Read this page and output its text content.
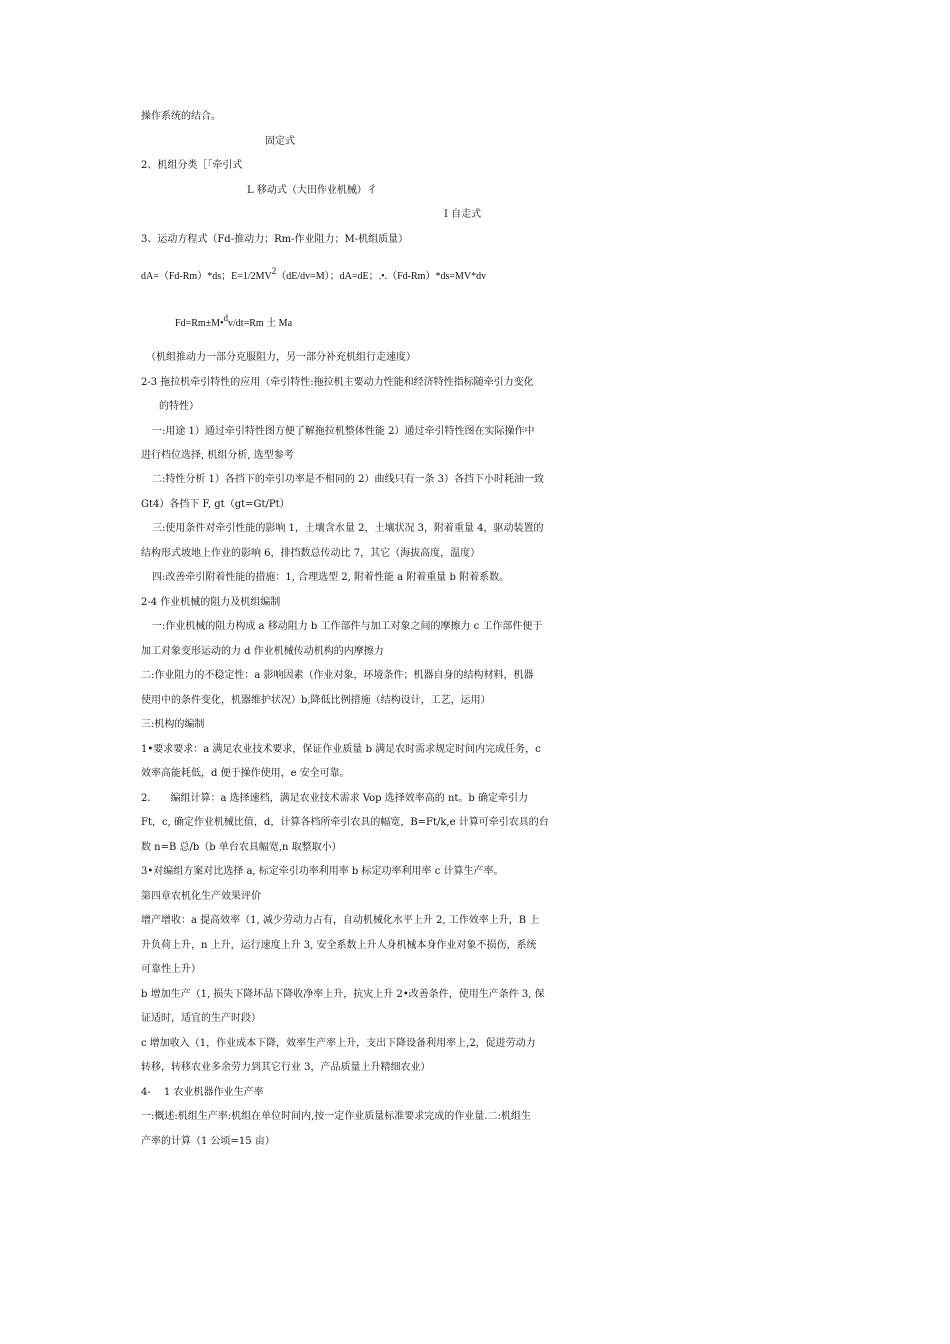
操作系统的结合。
固定式
2、机组分类［「牵引式
L 移动式（大田作业机械）彳
I 自走式
3、运动方程式（Fd-推动力；Rm-作业阻力；M-机组质量）
dA=（Fd-Rm）*ds；$E=1/2MV^2(dE/dv=M)$；dA=dE；.•.（Fd-Rm）*ds=MV*dv
Fd=Rm±M•$^d$v/dt=Rm 土 Ma
（机组推动力一部分克服阻力，另一部分补充机组行走速度）
2-3 拖拉机牵引特性的应用（牵引特性:拖拉机主要动力性能和经济特性指标随牵引力变化
的特性）
一:用途 1）通过牵引特性图方便了解拖拉机整体性能 2）通过牵引特性图在实际操作中
进行档位选择, 机组分析, 选型参考
二:特性分析 1）各挡下的牵引功率是不相同的 2）曲线只有一条 3）各挡下小时耗油一致
Gt4）各挡下 F, gt（gt=Gt/Pt）
三:使用条件对牵引性能的影响 1，土壤含水量 2，土壤状况 3，附着重量 4，驱动装置的
结构形式坡地上作业的影响 6，排挡数总传动比 7，其它（海拔高度，温度）
四:改善牵引附着性能的措施：1, 合理选型 2, 附着性能 a 附着重量 b 附着系数。
2-4 作业机械的阻力及机组编制
一:作业机械的阻力构成 a 移动阻力 b 工作部件与加工对象之间的摩擦力 c 工作部件便于
加工对象变形运动的力 d 作业机械传动机构的内摩擦力
二:作业阻力的不稳定性：a 影响因素（作业对象，环境条件；机器自身的结构材料，机器
使用中的条件变化，机器维护状况）b,降低比例措施（结构设计，工艺，运用）
三:机构的编制
1•要求要求：a 满足农业技术要求，保证作业质量 b 满足农时需求规定时间内完成任务，c
效率高能耗低，d 便于操作使用，e 安全可靠。
2.　　编组计算：a 选择速档，满足农业技术需求 Vop 选择效率高的 nt。b 确定牵引力
Ft，c, 确定作业机械比值，d，计算各档所牵引农具的幅宽，B=Ft/k,e 计算可牵引农具的台
数 n=B 总/b（b 单台农具幅宽,n 取整取小）
3•对编组方案对比选择 a, 标定牵引功率利用率 b 标定功率利用率 c 计算生产率。
第四章农机化生产效果评价
增产增收：a 提高效率（1, 减少劳动力占有，自动机械化水平上升 2, 工作效率上升，B 上
升负荷上升，n 上升，运行速度上升 3, 安全系数上升人身机械本身作业对象不损伤，系统
可靠性上升）
b 增加生产（1, 损失下降坏品下降收净率上升，抗灾上升 2•改善条件，使用生产条件 3, 保
证适时，适宜的生产时段）
c 增加收入（1，作业成本下降，效率生产率上升，支出下降设备利用率上,2，促进劳动力
转移，转移农业多余劳力到其它行业 3，产品质量上升精细农业）
4-　 1 农业机器作业生产率
一:概述:机组生产率:机组在单位时间内,按一定作业质量标准要求完成的作业量.二:机组生
产率的计算（1 公顷=15 亩）
